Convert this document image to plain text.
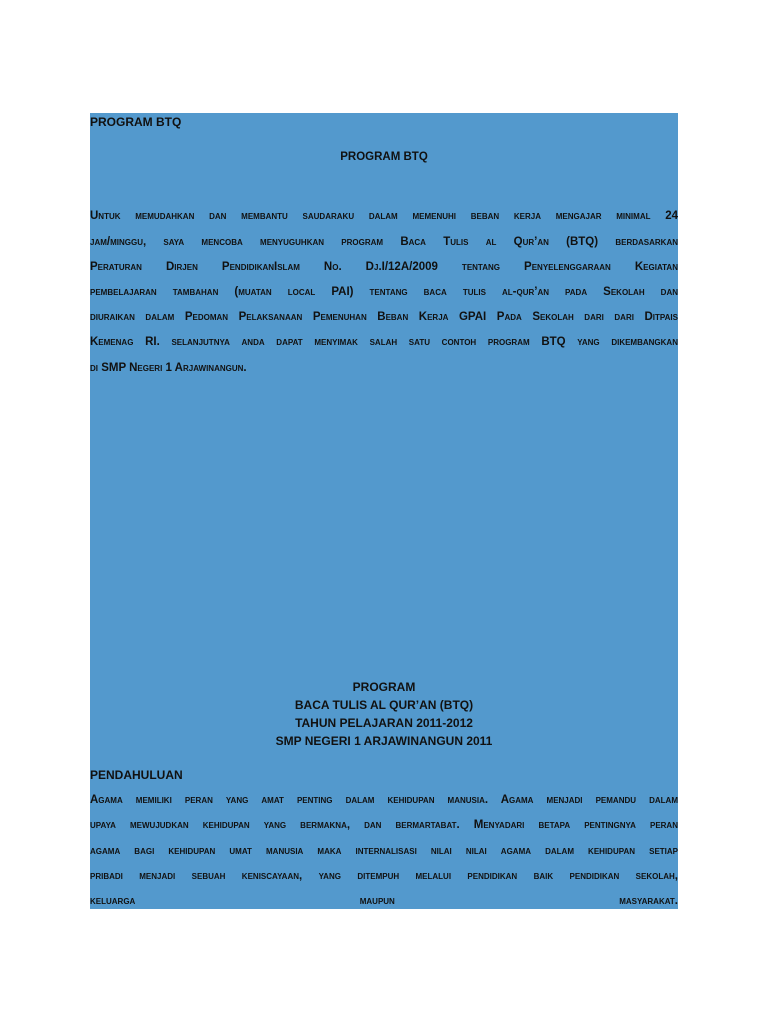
PROGRAM BTQ
PROGRAM BTQ
Untuk memudahkan dan membantu saudaraku dalam memenuhi beban kerja mengajar minimal 24
jam/minggu, saya mencoba menyuguhkan program Baca Tulis al Qur’an (BTQ) berdasarkan
Peraturan Dirjen PendidikanIslam No. Dj.I/12A/2009 tentang Penyelenggaraan Kegiatan
pembelajaran tambahan (muatan local PAI) tentang baca tulis al-qur’an pada Sekolah dan
diuraikan dalam Pedoman Pelaksanaan Pemenuhan Beban Kerja GPAI Pada Sekolah dari dari Ditpais
Kemenag RI. selanjutnya anda dapat menyimak salah satu contoh program BTQ yang dikembangkan
di SMP Negeri 1 Arjawinangun.
PROGRAM
BACA TULIS AL QUR’AN (BTQ)
TAHUN PELAJARAN 2011-2012
SMP NEGERI 1 ARJAWINANGUN 2011
PENDAHULUAN
Agama memiliki peran yang amat penting dalam kehidupan manusia. Agama menjadi pemandu dalam
upaya mewujudkan kehidupan yang bermakna, dan bermartabat. Menyadari betapa pentingnya peran
agama bagi kehidupan umat manusia maka internalisasi nilai nilai agama dalam kehidupan setiap
pribadi menjadi sebuah keniscayaan, yang ditempuh melalui pendidikan baik pendidikan sekolah,
keluarga maupun masyarakat.
